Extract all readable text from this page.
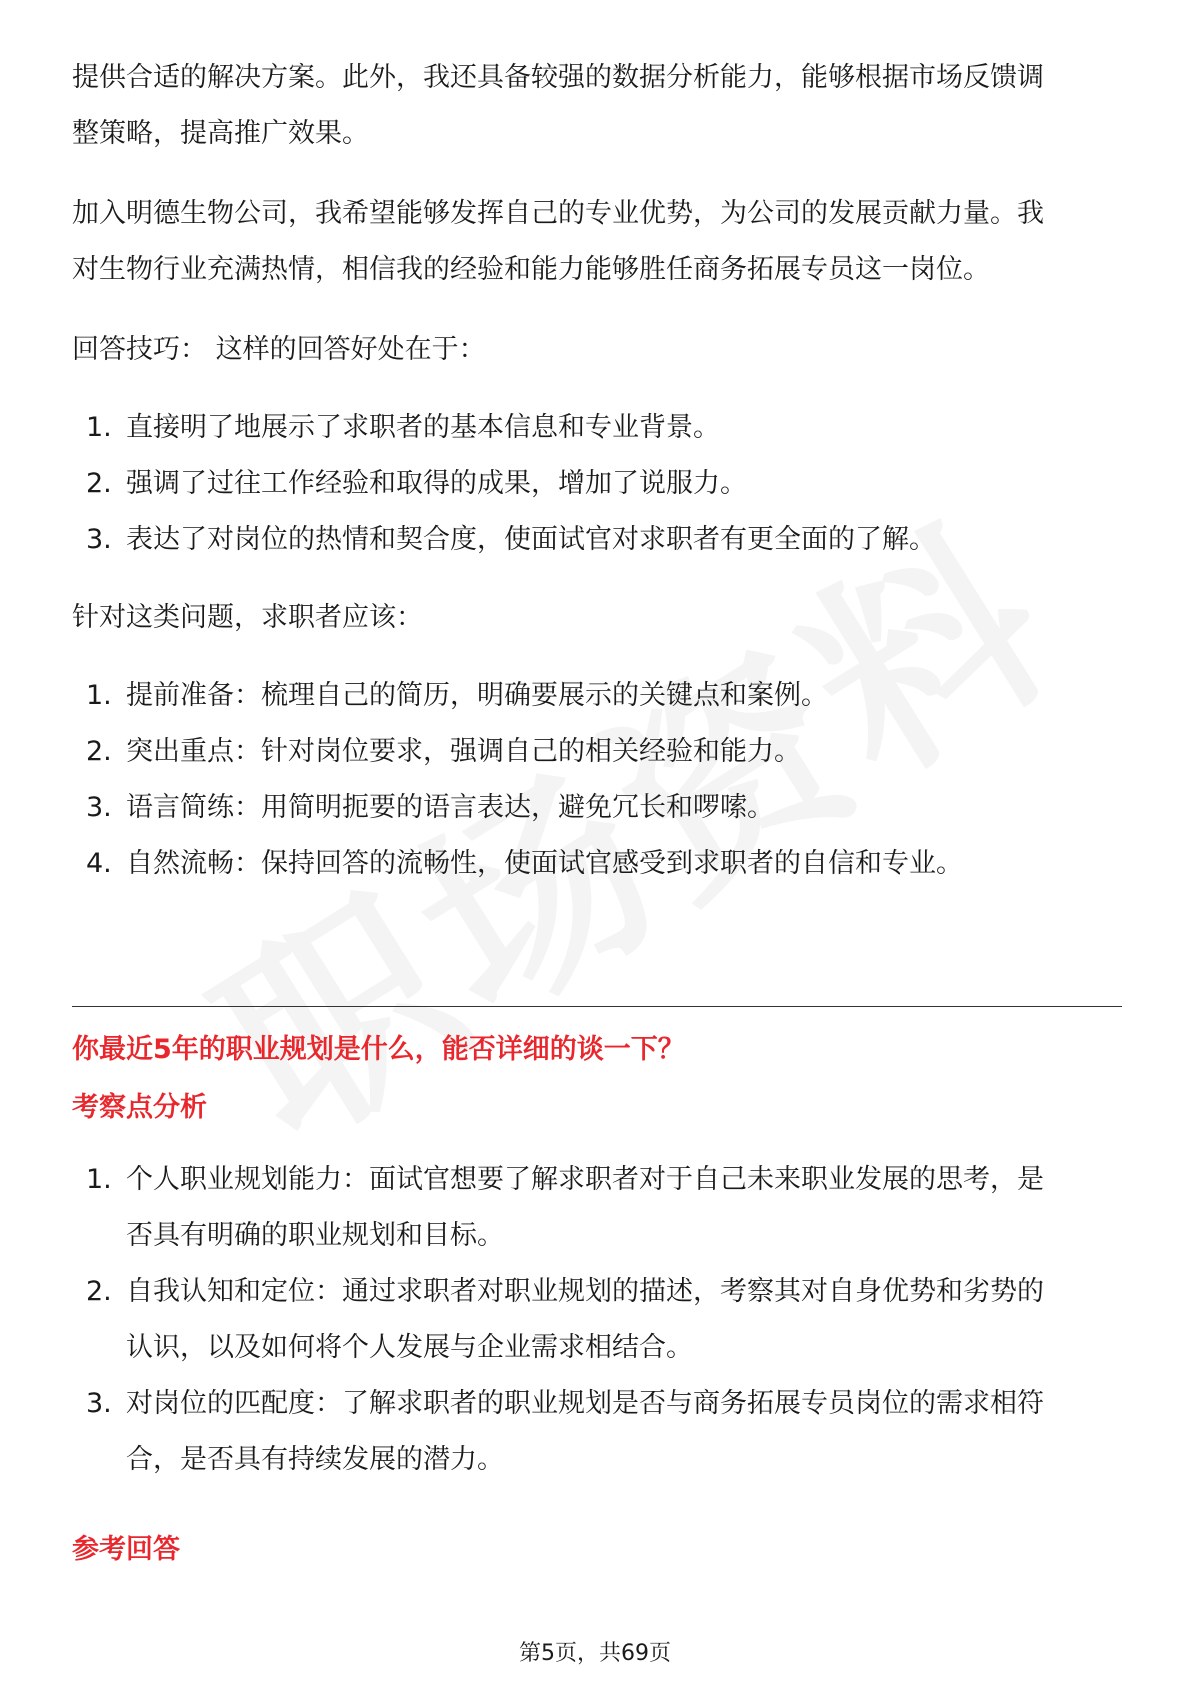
提供合适的解决方案。此外，我还具备较强的数据分析能力，能够根据市场反馈调

整策略，提高推广效果。

加入明德生物公司，我希望能够发挥自己的专业优势，为公司的发展贡献力量。我

对生物行业充满热情，相信我的经验和能力能够胜任商务拓展专员这一岗位。

回答技巧： 这样的回答好处在于：

1. 直接明了地展示了求职者的基本信息和专业背景。
2. 强调了过往工作经验和取得的成果，增加了说服力。
3. 表达了对岗位的热情和契合度，使面试官对求职者有更全面的了解。

针对这类问题，求职者应该：

1. 提前准备：梳理自己的简历，明确要展示的关键点和案例。
2. 突出重点：针对岗位要求，强调自己的相关经验和能力。
3. 语言简练：用简明扼要的语言表达，避免冗长和啰嗦。
4. 自然流畅：保持回答的流畅性，使面试官感受到求职者的自信和专业。

你最近5年的职业规划是什么，能否详细的谈一下？

考察点分析

1. 个人职业规划能力：面试官想要了解求职者对于自己未来职业发展的思考，是
否具有明确的职业规划和目标。
2. 自我认知和定位：通过求职者对职业规划的描述，考察其对自身优势和劣势的
认识，以及如何将个人发展与企业需求相结合。
3. 对岗位的匹配度：了解求职者的职业规划是否与商务拓展专员岗位的需求相符
合，是否具有持续发展的潜力。

参考回答

第5页，共69页
